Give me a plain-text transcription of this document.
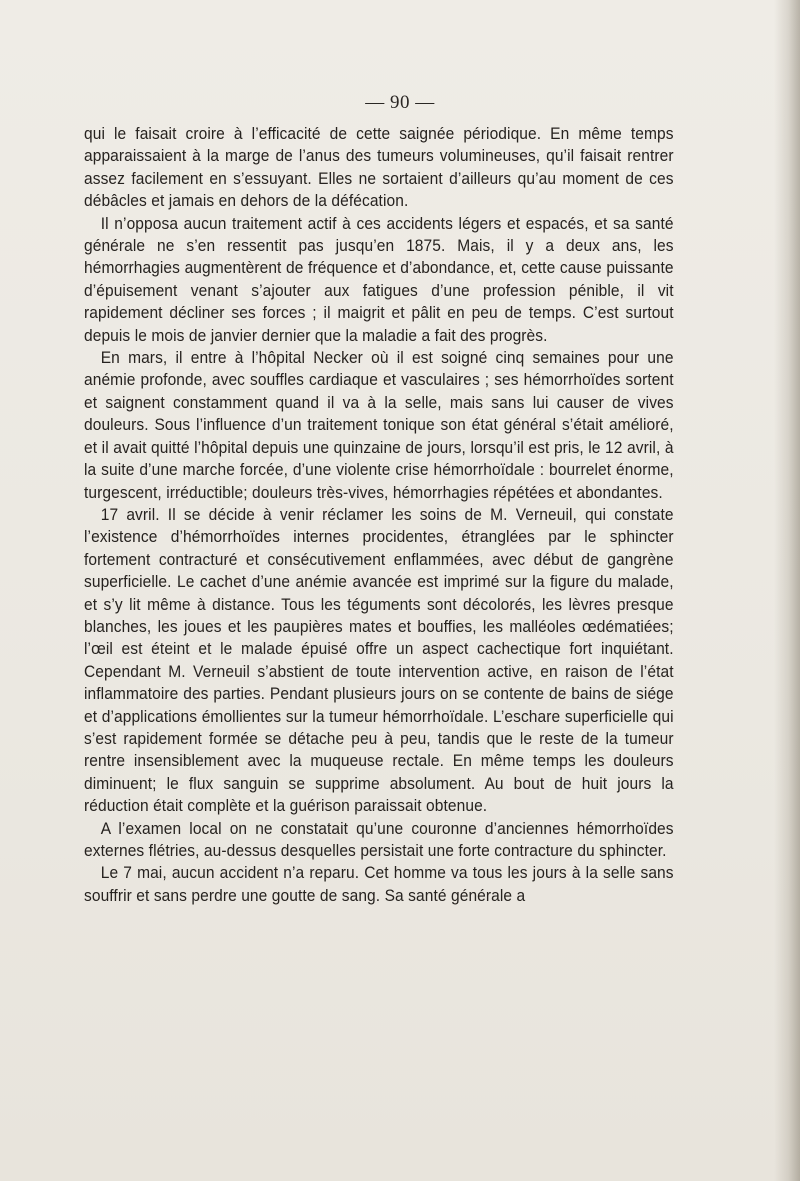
— 90 —

qui le faisait croire à l’efficacité de cette saignée périodique. En même temps apparaissaient à la marge de l’anus des tumeurs volumineuses, qu’il faisait rentrer assez facilement en s’essuyant. Elles ne sortaient d’ailleurs qu’au moment de ces débâcles et jamais en dehors de la défécation.

Il n’opposa aucun traitement actif à ces accidents légers et espacés, et sa santé générale ne s’en ressentit pas jusqu’en 1875. Mais, il y a deux ans, les hémorrhagies augmentèrent de fréquence et d’abondance, et, cette cause puissante d’épuisement venant s’ajouter aux fatigues d’une profession pénible, il vit rapidement décliner ses forces ; il maigrit et pâlit en peu de temps. C’est surtout depuis le mois de janvier dernier que la maladie a fait des progrès.

En mars, il entre à l’hôpital Necker où il est soigné cinq semaines pour une anémie profonde, avec souffles cardiaque et vasculaires ; ses hémorrhoïdes sortent et saignent constamment quand il va à la selle, mais sans lui causer de vives douleurs. Sous l’influence d’un traitement tonique son état général s’était amélioré, et il avait quitté l’hôpital depuis une quinzaine de jours, lorsqu’il est pris, le 12 avril, à la suite d’une marche forcée, d’une violente crise hémorrhoïdale : bourrelet énorme, turgescent, irréductible; douleurs très-vives, hémorrhagies répétées et abondantes.

17 avril. Il se décide à venir réclamer les soins de M. Verneuil, qui constate l’existence d’hémorrhoïdes internes procidentes, étranglées par le sphincter fortement contracturé et consécutivement enflammées, avec début de gangrène superficielle. Le cachet d’une anémie avancée est imprimé sur la figure du malade, et s’y lit même à distance. Tous les téguments sont décolorés, les lèvres presque blanches, les joues et les paupières mates et bouffies, les malléoles œdématiées; l’œil est éteint et le malade épuisé offre un aspect cachectique fort inquiétant. Cependant M. Verneuil s’abstient de toute intervention active, en raison de l’état inflammatoire des parties. Pendant plusieurs jours on se contente de bains de siége et d’applications émollientes sur la tumeur hémorrhoïdale. L’eschare superficielle qui s’est rapidement formée se détache peu à peu, tandis que le reste de la tumeur rentre insensiblement avec la muqueuse rectale. En même temps les douleurs diminuent; le flux sanguin se supprime absolument. Au bout de huit jours la réduction était complète et la guérison paraissait obtenue.

A l’examen local on ne constatait qu’une couronne d’anciennes hémorrhoïdes externes flétries, au-dessus desquelles persistait une forte contracture du sphincter.

Le 7 mai, aucun accident n’a reparu. Cet homme va tous les jours à la selle sans souffrir et sans perdre une goutte de sang. Sa santé générale a
